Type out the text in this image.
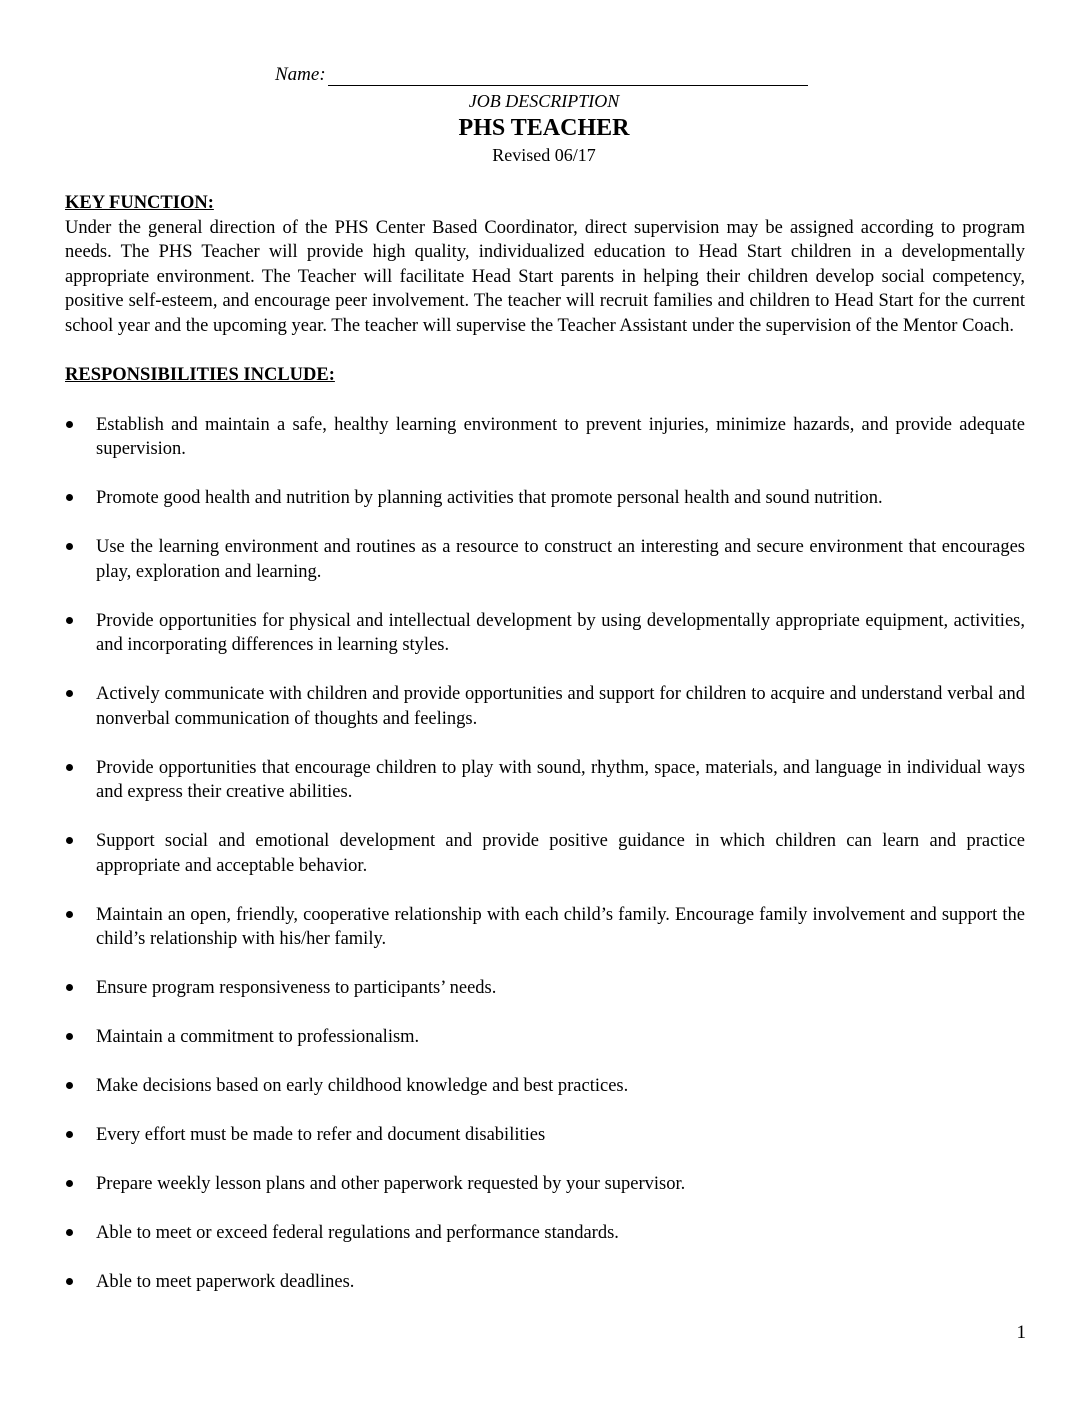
Name:
JOB DESCRIPTION
PHS TEACHER
Revised 06/17
KEY FUNCTION:

Under the general direction of the PHS Center Based Coordinator, direct supervision may be assigned according to program needs. The PHS Teacher will provide high quality, individualized education to Head Start children in a developmentally appropriate environment. The Teacher will facilitate Head Start parents in helping their children develop social competency, positive self-esteem, and encourage peer involvement. The teacher will recruit families and children to Head Start for the current school year and the upcoming year. The teacher will supervise the Teacher Assistant under the supervision of the Mentor Coach.

RESPONSIBILITIES INCLUDE:
Establish and maintain a safe, healthy learning environment to prevent injuries, minimize hazards, and provide adequate supervision.
Promote good health and nutrition by planning activities that promote personal health and sound nutrition.
Use the learning environment and routines as a resource to construct an interesting and secure environment that encourages play, exploration and learning.
Provide opportunities for physical and intellectual development by using developmentally appropriate equipment, activities, and incorporating differences in learning styles.
Actively communicate with children and provide opportunities and support for children to acquire and understand verbal and nonverbal communication of thoughts and feelings.
Provide opportunities that encourage children to play with sound, rhythm, space, materials, and language in individual ways and express their creative abilities.
Support social and emotional development and provide positive guidance in which children can learn and practice appropriate and acceptable behavior.
Maintain an open, friendly, cooperative relationship with each child’s family. Encourage family involvement and support the child’s relationship with his/her family.
Ensure program responsiveness to participants’ needs.
Maintain a commitment to professionalism.
Make decisions based on early childhood knowledge and best practices.
Every effort must be made to refer and document disabilities
Prepare weekly lesson plans and other paperwork requested by your supervisor.
Able to meet or exceed federal regulations and performance standards.
Able to meet paperwork deadlines.
1
